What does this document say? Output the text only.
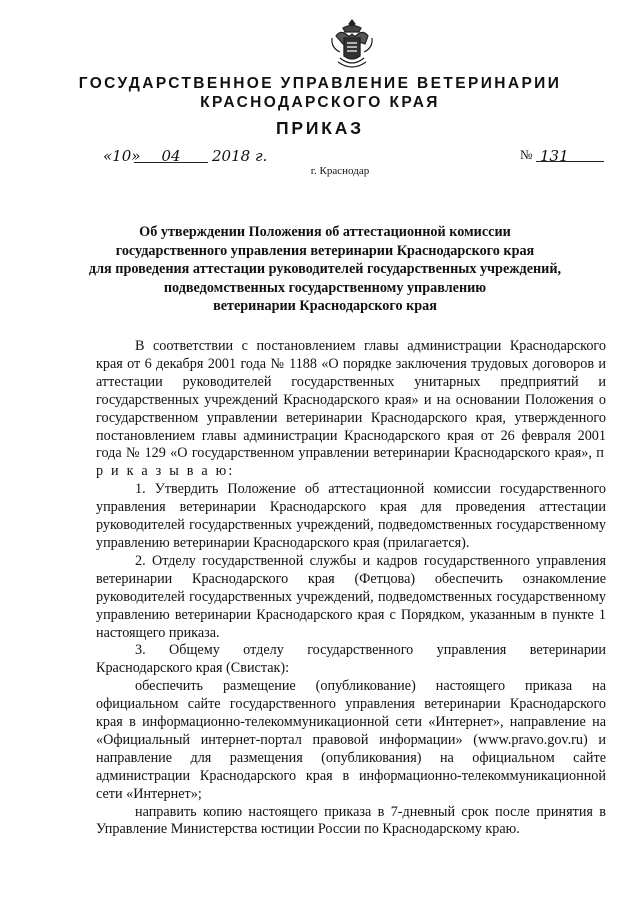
ГОСУДАРСТВЕННОЕ УПРАВЛЕНИЕ ВЕТЕРИНАРИИ
КРАСНОДАРСКОГО КРАЯ
ПРИКАЗ
«10»	04	2018 г.	№ 131
г. Краснодар
Об утверждении Положения об аттестационной комиссии
государственного управления ветеринарии Краснодарского края
для проведения аттестации руководителей государственных учреждений,
подведомственных государственному управлению
ветеринарии Краснодарского края

В соответствии с постановлением главы администрации Краснодарского края от 6 декабря 2001 года № 1188 «О порядке заключения трудовых договоров и аттестации руководителей государственных унитарных предприятий и государственных учреждений Краснодарского края» и на основании Положения о государственном управлении ветеринарии Краснодарского края, утвержденного постановлением главы администрации Краснодарского края от 26 февраля 2001 года № 129 «О государственном управлении ветеринарии Краснодарского края», п р и к а з ы в а ю:

1. Утвердить Положение об аттестационной комиссии государственного управления ветеринарии Краснодарского края для проведения аттестации руководителей государственных учреждений, подведомственных государственному управлению ветеринарии Краснодарского края (прилагается).

2. Отделу государственной службы и кадров государственного управления ветеринарии Краснодарского края (Фетцова) обеспечить ознакомление руководителей государственных учреждений, подведомственных государственному управлению ветеринарии Краснодарского края с Порядком, указанным в пункте 1 настоящего приказа.

3. Общему отделу государственного управления ветеринарии Краснодарского края (Свистак):

обеспечить размещение (опубликование) настоящего приказа на официальном сайте государственного управления ветеринарии Краснодарского края в информационно-телекоммуникационной сети «Интернет», направление на «Официальный интернет-портал правовой информации» (www.pravo.gov.ru) и направление для размещения (опубликования) на официальном сайте администрации Краснодарского края в информационно-телекоммуникационной сети «Интернет»;

направить копию настоящего приказа в 7-дневный срок после принятия в Управление Министерства юстиции России по Краснодарскому краю.
